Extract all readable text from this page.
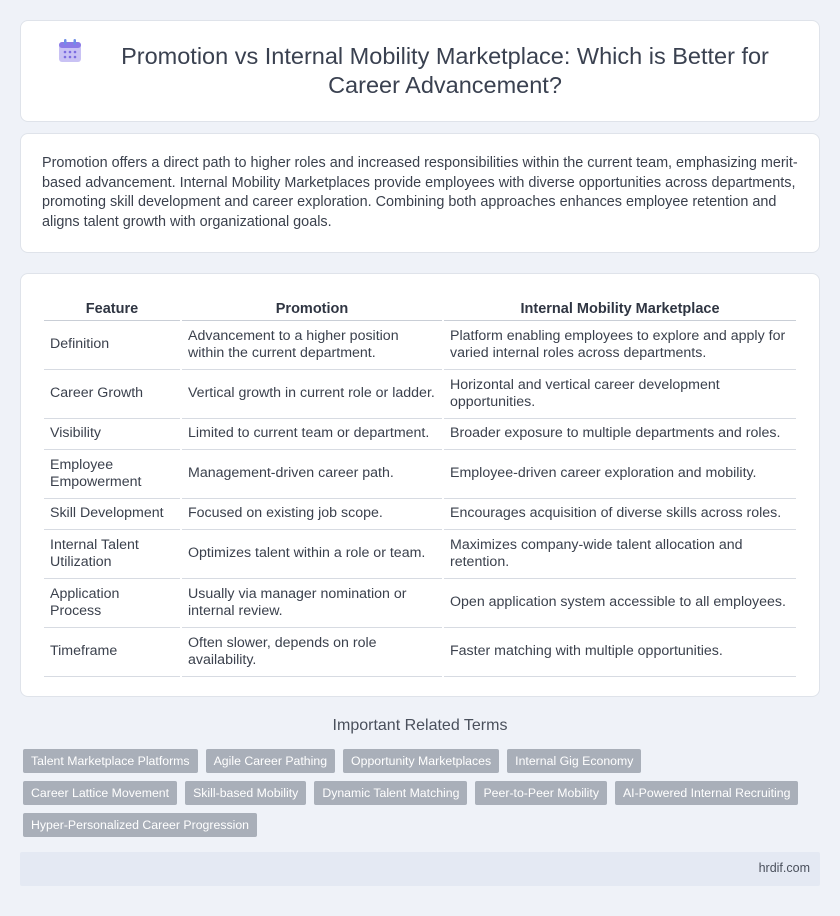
Promotion vs Internal Mobility Marketplace: Which is Better for Career Advancement?

Promotion offers a direct path to higher roles and increased responsibilities within the current team, emphasizing merit-based advancement. Internal Mobility Marketplaces provide employees with diverse opportunities across departments, promoting skill development and career exploration. Combining both approaches enhances employee retention and aligns talent growth with organizational goals.

Feature	Promotion	Internal Mobility Marketplace
Definition	Advancement to a higher position within the current department.	Platform enabling employees to explore and apply for varied internal roles across departments.
Career Growth	Vertical growth in current role or ladder.	Horizontal and vertical career development opportunities.
Visibility	Limited to current team or department.	Broader exposure to multiple departments and roles.
Employee Empowerment	Management-driven career path.	Employee-driven career exploration and mobility.
Skill Development	Focused on existing job scope.	Encourages acquisition of diverse skills across roles.
Internal Talent Utilization	Optimizes talent within a role or team.	Maximizes company-wide talent allocation and retention.
Application Process	Usually via manager nomination or internal review.	Open application system accessible to all employees.
Timeframe	Often slower, depends on role availability.	Faster matching with multiple opportunities.
Important Related Terms
Talent Marketplace Platforms	Agile Career Pathing	Opportunity Marketplaces	Internal Gig Economy
Career Lattice Movement	Skill-based Mobility	Dynamic Talent Matching	Peer-to-Peer Mobility	AI-Powered Internal Recruiting
Hyper-Personalized Career Progression
hrdif.com
